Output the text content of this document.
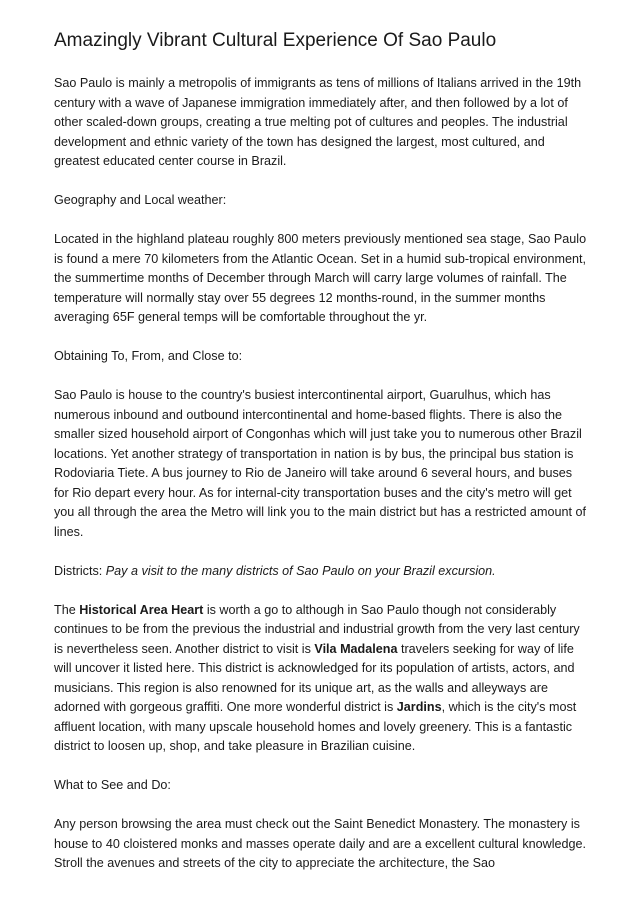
Amazingly Vibrant Cultural Experience Of Sao Paulo

Sao Paulo is mainly a metropolis of immigrants as tens of millions of Italians arrived in the 19th century with a wave of Japanese immigration immediately after, and then followed by a lot of other scaled-down groups, creating a true melting pot of cultures and peoples. The industrial development and ethnic variety of the town has designed the largest, most cultured, and greatest educated center course in Brazil.

Geography and Local weather:

Located in the highland plateau roughly 800 meters previously mentioned sea stage, Sao Paulo is found a mere 70 kilometers from the Atlantic Ocean. Set in a humid sub-tropical environment, the summertime months of December through March will carry large volumes of rainfall. The temperature will normally stay over 55 degrees 12 months-round, in the summer months averaging 65F general temps will be comfortable throughout the yr.

Obtaining To, From, and Close to:

Sao Paulo is house to the country's busiest intercontinental airport, Guarulhus, which has numerous inbound and outbound intercontinental and home-based flights. There is also the smaller sized household airport of Congonhas which will just take you to numerous other Brazil locations. Yet another strategy of transportation in nation is by bus, the principal bus station is Rodoviaria Tiete. A bus journey to Rio de Janeiro will take around 6 several hours, and buses for Rio depart every hour. As for internal-city transportation buses and the city's metro will get you all through the area the Metro will link you to the main district but has a restricted amount of lines.

Districts: Pay a visit to the many districts of Sao Paulo on your Brazil excursion.

The Historical Area Heart is worth a go to although in Sao Paulo though not considerably continues to be from the previous the industrial and industrial growth from the very last century is nevertheless seen. Another district to visit is Vila Madalena travelers seeking for way of life will uncover it listed here. This district is acknowledged for its population of artists, actors, and musicians. This region is also renowned for its unique art, as the walls and alleyways are adorned with gorgeous graffiti. One more wonderful district is Jardins, which is the city's most affluent location, with many upscale household homes and lovely greenery. This is a fantastic district to loosen up, shop, and take pleasure in Brazilian cuisine.

What to See and Do:

Any person browsing the area must check out the Saint Benedict Monastery. The monastery is house to 40 cloistered monks and masses operate daily and are a excellent cultural knowledge. Stroll the avenues and streets of the city to appreciate the architecture, the Sao
